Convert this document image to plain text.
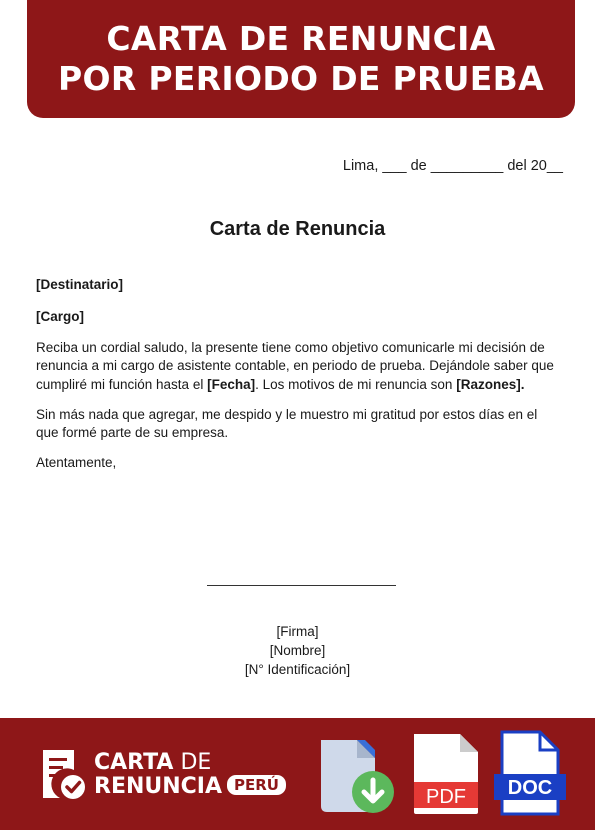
CARTA DE RENUNCIA
POR PERIODO DE PRUEBA
Lima, ___ de _________ del 20__
Carta de Renuncia
[Destinatario]
[Cargo]

Reciba un cordial saludo, la presente tiene como objetivo comunicarle mi decisión de renuncia a mi cargo de asistente contable, en periodo de prueba. Dejándole saber que cumpliré mi función hasta el [Fecha]. Los motivos de mi renuncia son [Razones].

Sin más nada que agregar, me despido y le muestro mi gratitud por estos días en el que formé parte de su empresa.

Atentamente,
[Firma]
[Nombre]
[N° Identificación]
CARTA DE
RENUNCIA PERÚ
PDF DOC
